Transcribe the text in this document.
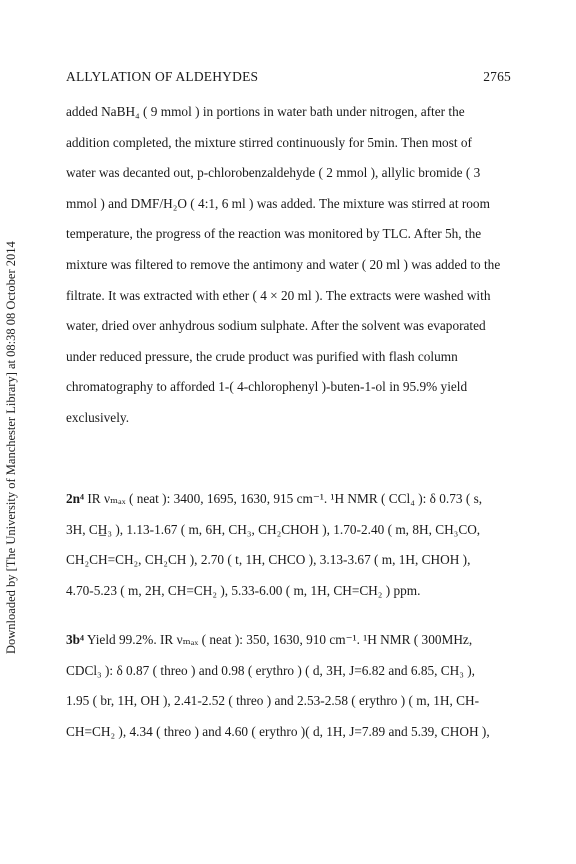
ALLYLATION OF ALDEHYDES	2765
Downloaded by [The University of Manchester Library] at 08:38 08 October 2014

added NaBH₄ ( 9 mmol ) in portions in water bath under nitrogen, after the

addition completed, the mixture stirred continuously for 5min. Then most of

water was decanted out, p-chlorobenzaldehyde ( 2 mmol ), allylic bromide ( 3

mmol ) and DMF/H₂O ( 4:1, 6 ml ) was added. The mixture was stirred at room

temperature, the progress of the reaction was monitored by TLC. After 5h, the

mixture was filtered to remove the antimony and water ( 20 ml ) was added to the

filtrate. It was extracted with ether ( 4 × 20 ml ). The extracts were washed with

water, dried over anhydrous sodium sulphate. After the solvent was evaporated

under reduced pressure, the crude product was purified with flash column

chromatography to afforded 1-( 4-chlorophenyl )-buten-1-ol in 95.9% yield

exclusively.

2n⁴ IR νₘₐₓ ( neat ): 3400, 1695, 1630, 915 cm⁻¹. ¹H NMR ( CCl₄ ): δ 0.73 ( s,

3H, CH̲₃ ), 1.13-1.67 ( m, 6H, CH₃, CH₂CHOH ), 1.70-2.40 ( m, 8H, CH₃CO,

CH₂CH=CH₂, CH₂CH ), 2.70 ( t, 1H, CHCO ), 3.13-3.67 ( m, 1H, CHOH ),

4.70-5.23 ( m, 2H, CH=CH₂ ), 5.33-6.00 ( m, 1H, CH=CH₂ ) ppm.

3b⁴ Yield 99.2%. IR νₘₐₓ ( neat ): 350, 1630, 910 cm⁻¹. ¹H NMR ( 300MHz,

CDCl₃ ): δ 0.87 ( threo ) and 0.98 ( erythro ) ( d, 3H, J=6.82 and 6.85, CH₃ ),

1.95 ( br, 1H, OH ), 2.41-2.52 ( threo ) and 2.53-2.58 ( erythro ) ( m, 1H, CH-

CH=CH₂ ), 4.34 ( threo ) and 4.60 ( erythro )( d, 1H, J=7.89 and 5.39, CHOH ),
